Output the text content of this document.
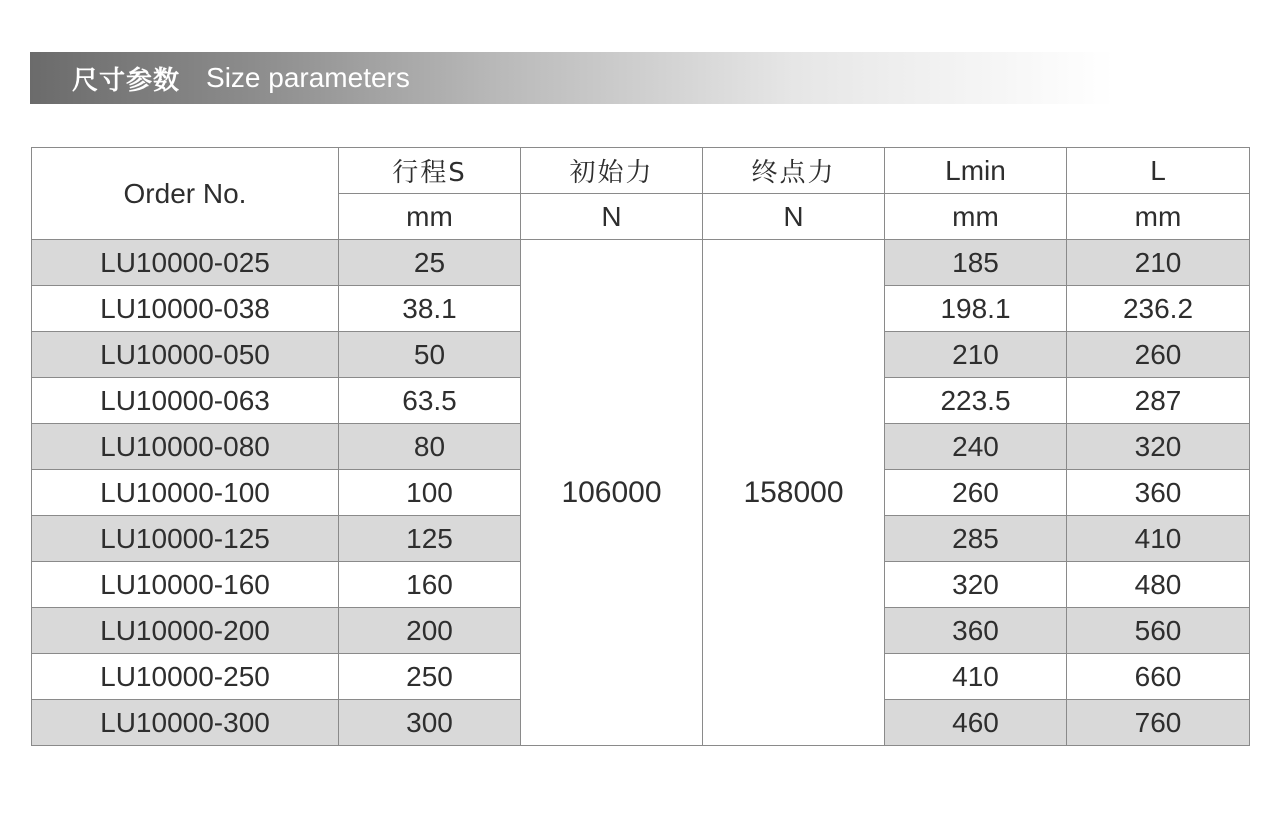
尺寸参数 Size parameters
Order No.	行程S	初始力	终点力	Lmin	L
	mm	N	N	mm	mm
LU10000-025	25	106000	158000	185	210
LU10000-038	38.1			198.1	236.2
LU10000-050	50			210	260
LU10000-063	63.5			223.5	287
LU10000-080	80			240	320
LU10000-100	100			260	360
LU10000-125	125			285	410
LU10000-160	160			320	480
LU10000-200	200			360	560
LU10000-250	250			410	660
LU10000-300	300			460	760
